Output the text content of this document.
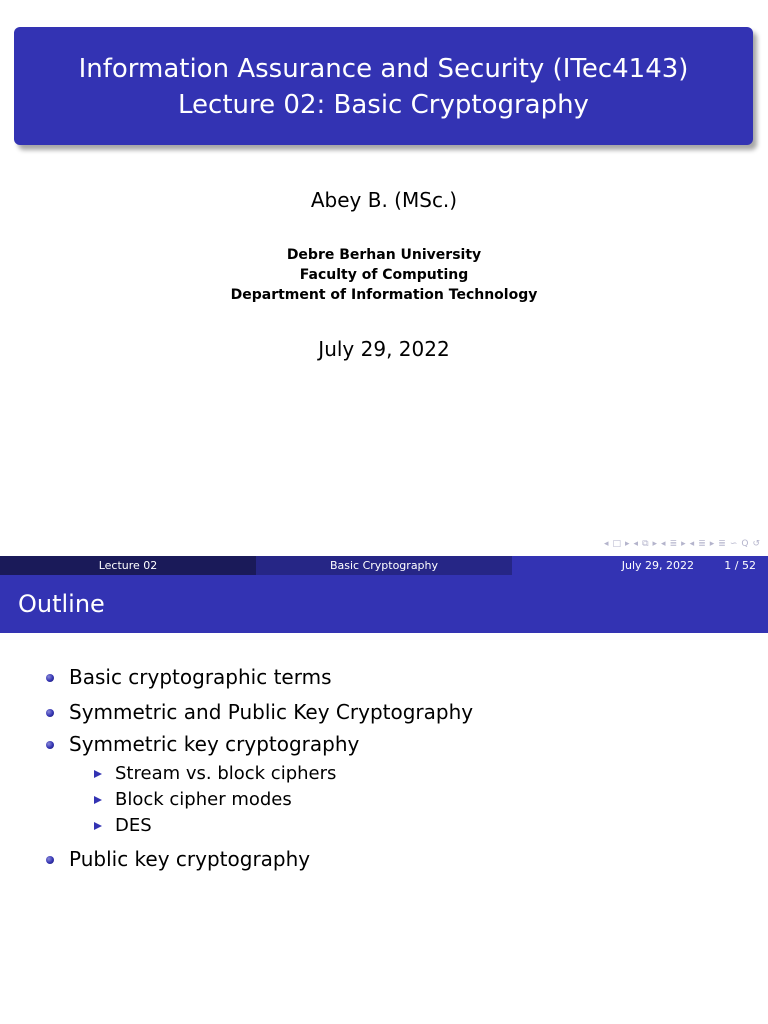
Information Assurance and Security (ITec4143)
Lecture 02: Basic Cryptography
Abey B. (MSc.)
Debre Berhan University
Faculty of Computing
Department of Information Technology
July 29, 2022
◂ □ ▸ ◂ ⧉ ▸ ◂ ≣ ▸ ◂ ≣ ▸ ≣ ∽ Q ↺
Lecture 02	Basic Cryptography	July 29, 2022	1 / 52
Outline
Basic cryptographic terms
Symmetric and Public Key Cryptography
Symmetric key cryptography
Stream vs. block ciphers
Block cipher modes
DES
Public key cryptography
